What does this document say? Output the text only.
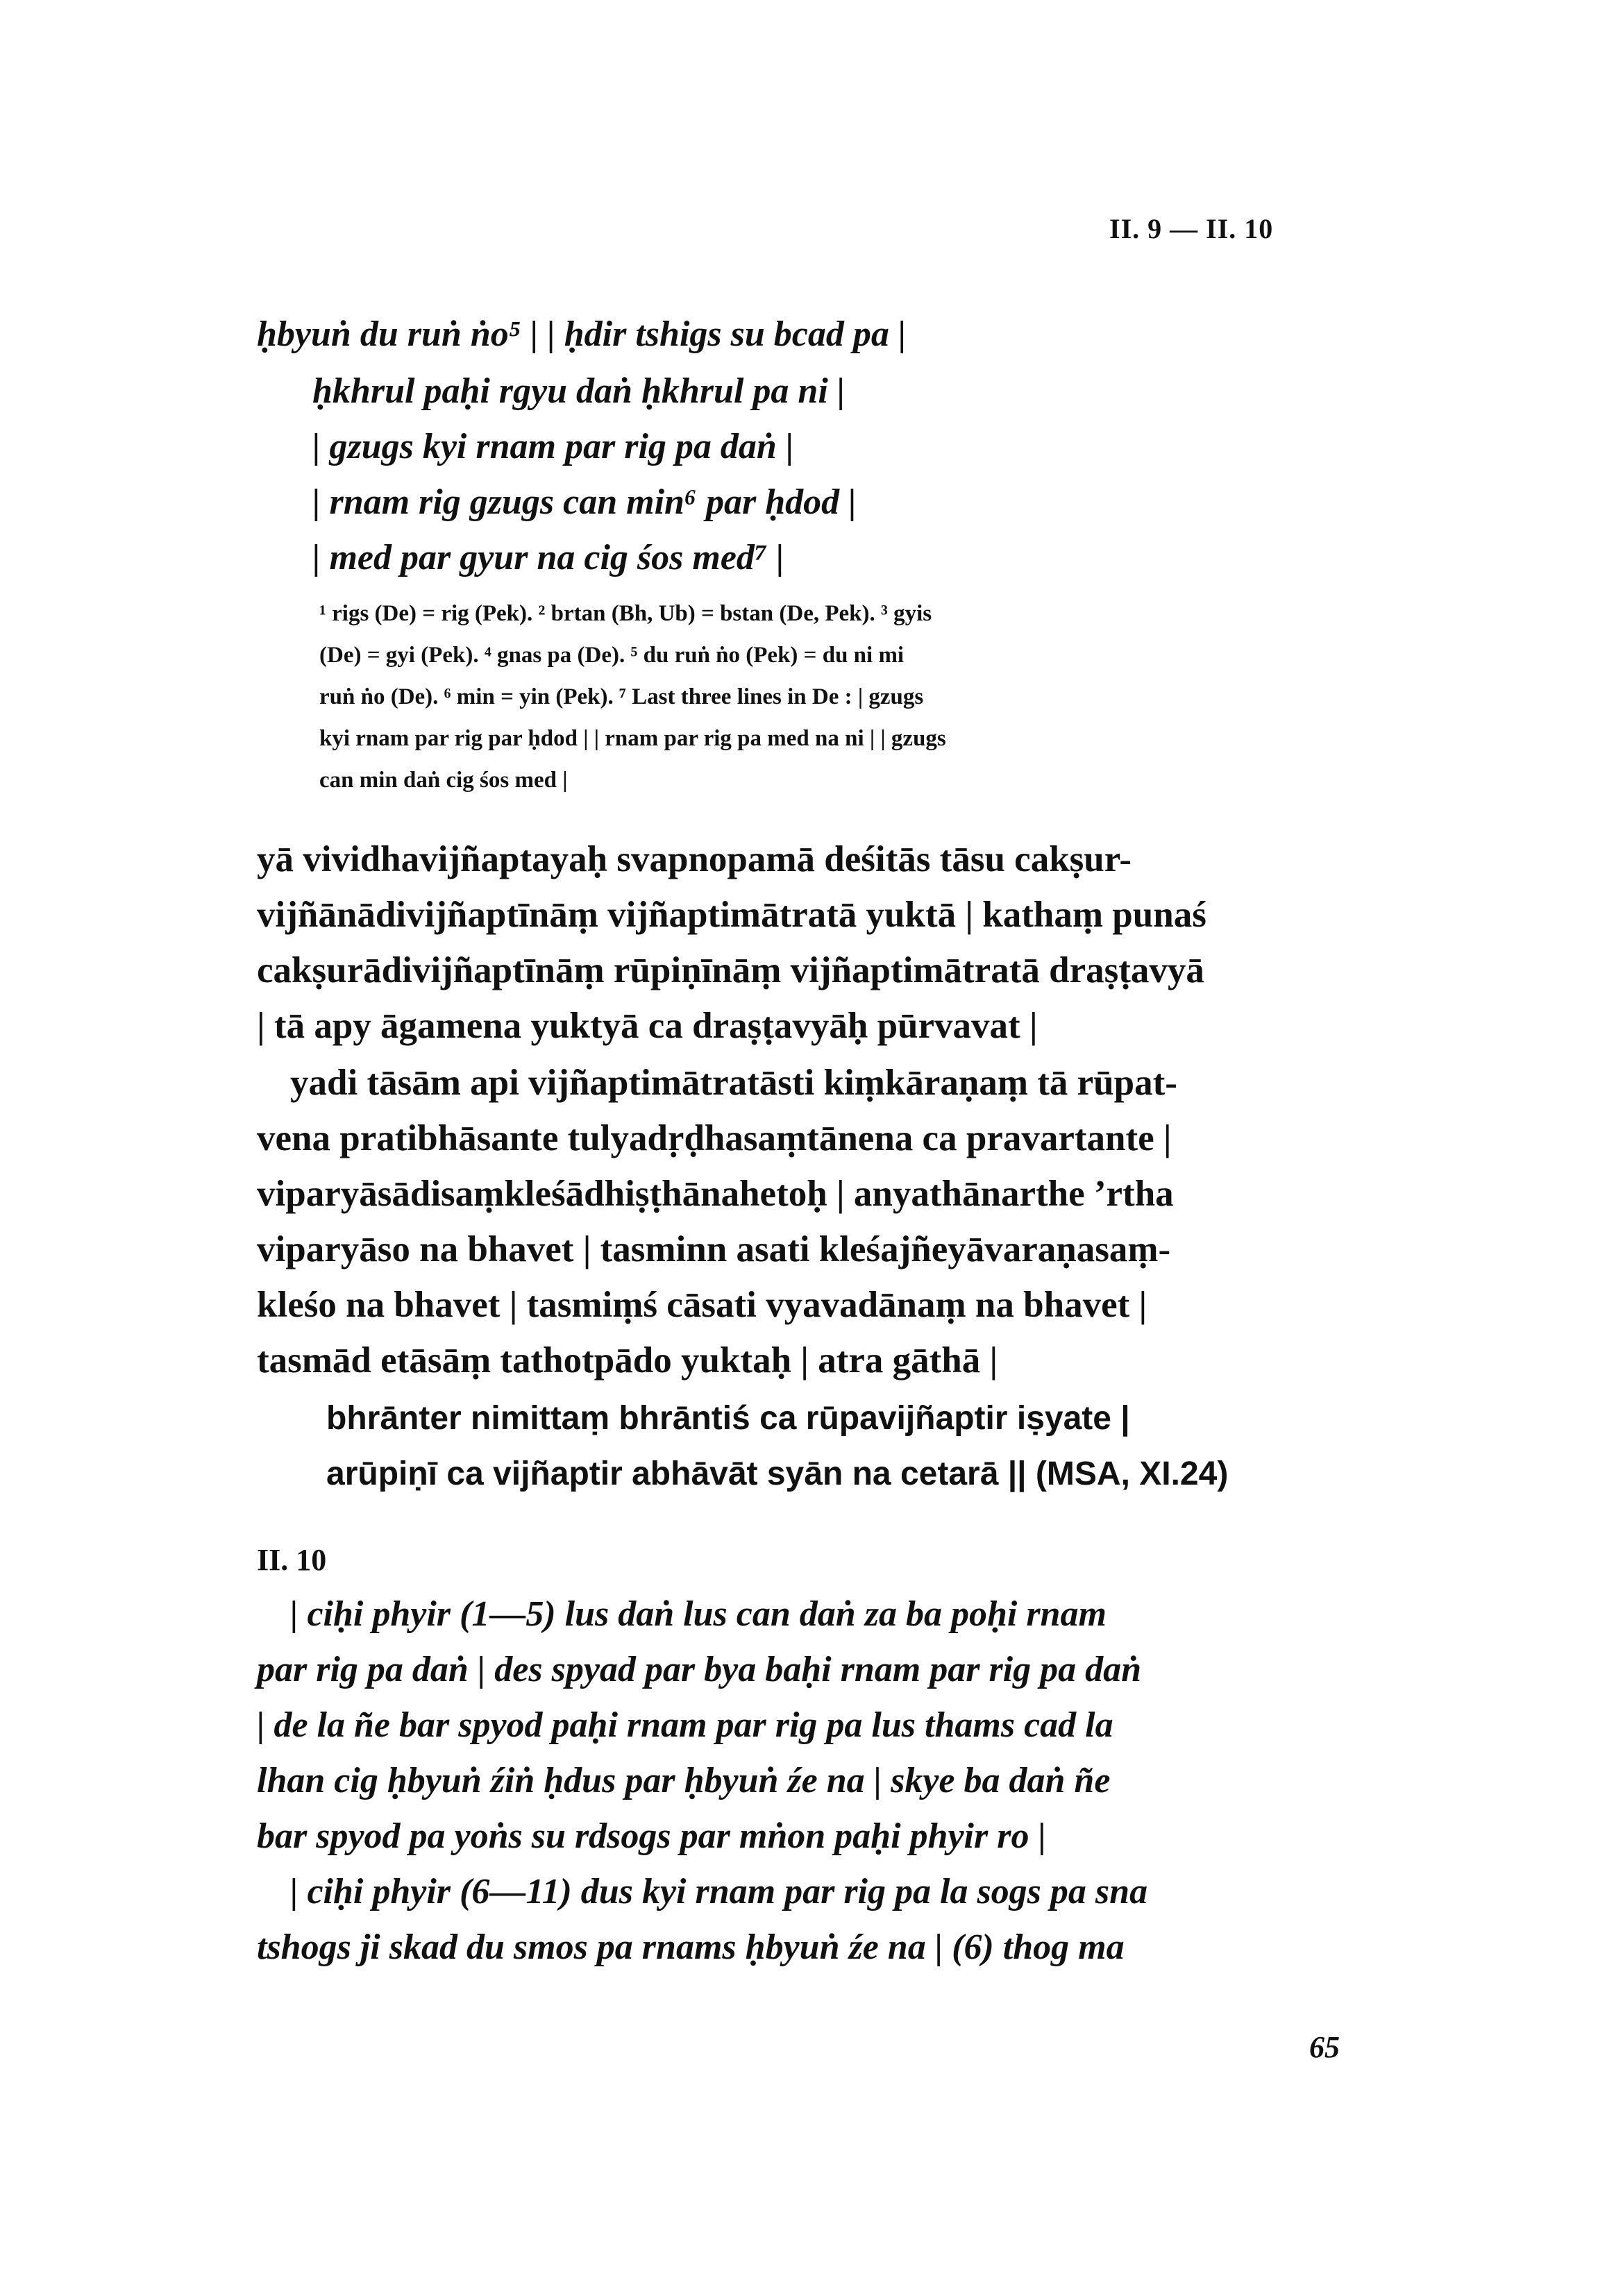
II. 9 — II. 10
ḥbyuṅ du ruṅ ṅo⁵ | | ḥdir tshigs su bcad pa |
ḥkhrul paḥi rgyu daṅ ḥkhrul pa ni |
| gzugs kyi rnam par rig pa daṅ |
| rnam rig gzugs can min⁶ par ḥdod |
| med par gyur na cig śos med⁷ |
¹ rigs (De) = rig (Pek). ² brtan (Bh, Ub) = bstan (De, Pek). ³ gyis
(De) = gyi (Pek). ⁴ gnas pa (De). ⁵ du ruṅ ṅo (Pek) = du ni mi
ruṅ ṅo (De). ⁶ min = yin (Pek). ⁷ Last three lines in De : | gzugs
kyi rnam par rig par ḥdod | | rnam par rig pa med na ni | | gzugs
can min daṅ cig śos med |
yā vividhavijñaptayaḥ svapnopamā deśitās tāsu cakṣur-
vijñānādivijñaptīnāṃ vijñaptimātratā yuktā | kathaṃ punaś
cakṣurādivijñaptīnāṃ rūpiṇīnāṃ vijñaptimātratā draṣṭavyā
| tā apy āgamena yuktyā ca draṣṭavyāḥ pūrvavat |
yadi tāsām api vijñaptimātratāsti kiṃkāraṇaṃ tā rūpat-
vena pratibhāsante tulyadṛḍhasaṃtānena ca pravartante |
viparyāsādisaṃkleśādhiṣṭhānahetoḥ | anyathānarthe ’rtha
viparyāso na bhavet | tasminn asati kleśajñeyāvaraṇasaṃ-
kleśo na bhavet | tasmiṃś cāsati vyavadānaṃ na bhavet |
tasmād etāsāṃ tathotpādo yuktaḥ | atra gāthā |
bhrānter nimittaṃ bhrāntiś ca rūpavijñaptir iṣyate |
arūpiṇī ca vijñaptir abhāvāt syān na cetarā || (MSA, XI.24)
II. 10
| ciḥi phyir (1—5) lus daṅ lus can daṅ za ba poḥi rnam
par rig pa daṅ | des spyad par bya baḥi rnam par rig pa daṅ
| de la ñe bar spyod paḥi rnam par rig pa lus thams cad la
lhan cig ḥbyuṅ źiṅ ḥdus par ḥbyuṅ źe na | skye ba daṅ ñe
bar spyod pa yoṅs su rdsogs par mṅon paḥi phyir ro |
| ciḥi phyir (6—11) dus kyi rnam par rig pa la sogs pa sna
tshogs ji skad du smos pa rnams ḥbyuṅ źe na | (6) thog ma
65
